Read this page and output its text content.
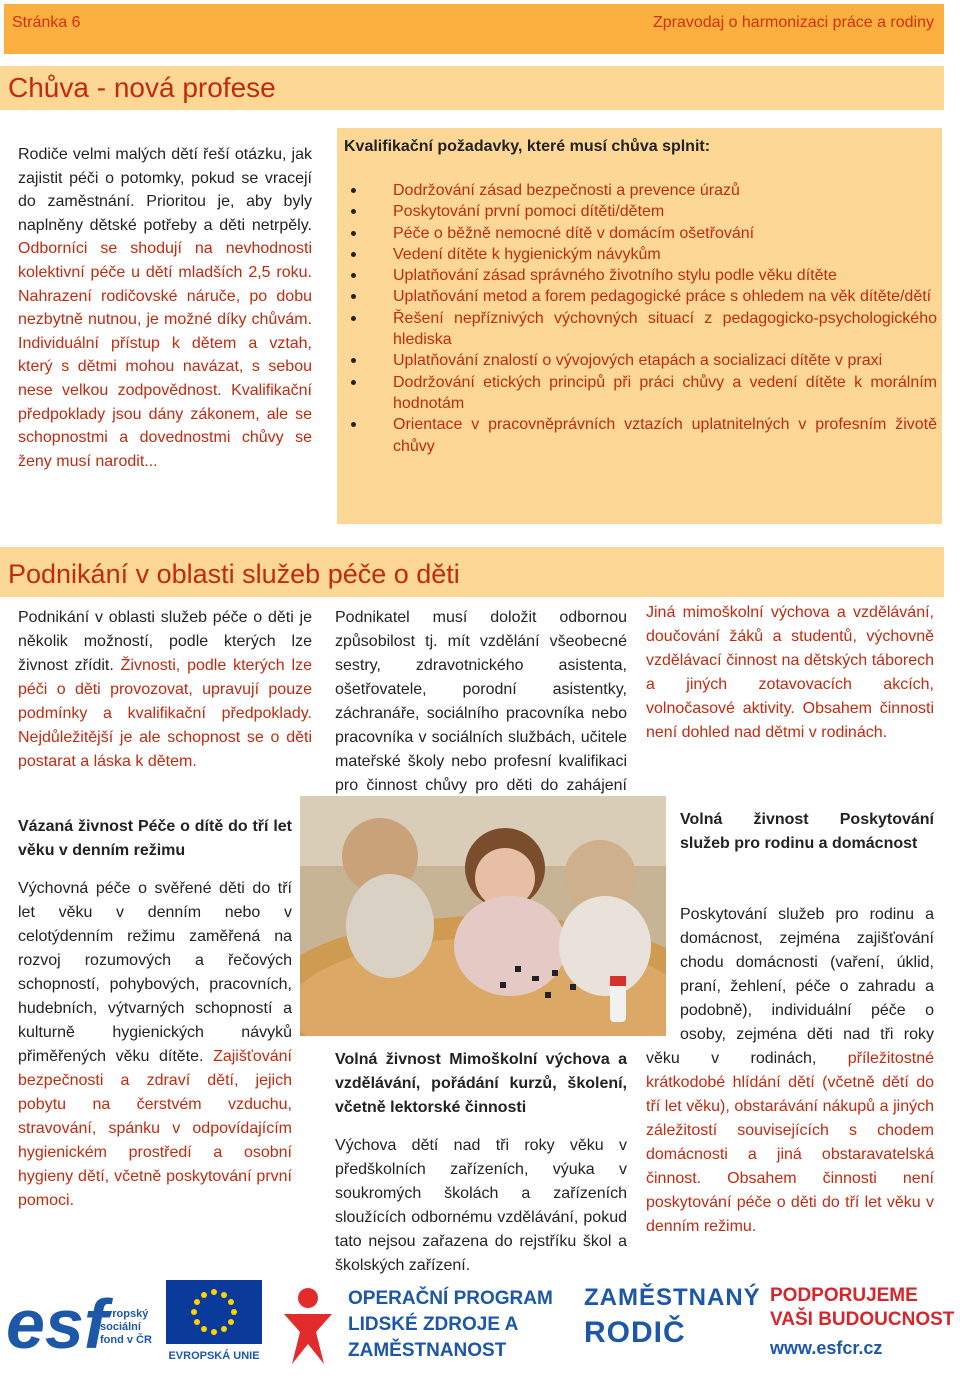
Stránka 6	Zpravodaj o harmonizaci práce a rodiny
Chůva - nová profese

Rodiče velmi malých dětí řeší otázku, jak zajistit péči o potomky, pokud se vracejí do zaměstnání. Prioritou je, aby byly naplněny dětské potřeby a děti netrpěly. Odborníci se shodují na nevhodnosti kolektivní péče u dětí mladších 2,5 roku. Nahrazení rodičovské náruče, po dobu nezbytně nutnou, je možné díky chůvám. Individuální přístup k dětem a vztah, který s dětmi mohou navázat, s sebou nese velkou zodpovědnost. Kvalifikační předpoklady jsou dány zákonem, ale se schopnostmi a dovednostmi chůvy se ženy musí narodit...

Kvalifikační požadavky, které musí chůva splnit:
Dodržování zásad bezpečnosti a prevence úrazů
Poskytování první pomoci dítěti/dětem
Péče o běžně nemocné dítě v domácím ošetřování
Vedení dítěte k hygienickým návykům
Uplatňování zásad správného životního stylu podle věku dítěte
Uplatňování metod a forem pedagogické práce s ohledem na věk dítěte/dětí
Řešení nepříznivých výchovných situací z pedagogicko-psychologického hlediska
Uplatňování znalostí o vývojových etapách a socializaci dítěte v praxi
Dodržování etických principů při práci chůvy a vedení dítěte k morálním hodnotám
Orientace v pracovněprávních vztazích uplatnitelných v profesním životě chůvy
Podnikání v oblasti služeb péče o děti

Podnikání v oblasti služeb péče o děti je několik možností, podle kterých lze živnost zřídit. Živnosti, podle kterých lze péči o děti provozovat, upravují pouze podmínky a kvalifikační předpoklady. Nejdůležitější je ale schopnost se o děti postarat a láska k dětem.

Vázaná živnost Péče o dítě do tří let věku v denním režimu

Výchovná péče o svěřené děti do tří let věku v denním nebo v celotýdenním režimu zaměřená na rozvoj rozumových a řečových schopností, pohybových, pracovních, hudebních, výtvarných schopností a kulturně hygienických návyků přiměřených věku dítěte. Zajišťování bezpečnosti a zdraví dětí, jejich pobytu na čerstvém vzduchu, stravování, spánku v odpovídajícím hygienickém prostředí a osobní hygieny dětí, včetně poskytování první pomoci.

Podnikatel musí doložit odbornou způsobilost tj. mít vzdělání všeobecné sestry, zdravotnického asistenta, ošetřovatele, porodní asistentky, záchranáře, sociálního pracovníka nebo pracovníka v sociálních službách, učitele mateřské školy nebo profesní kvalifikaci pro činnost chůvy pro děti do zahájení

Volná živnost Mimoškolní výchova a vzdělávání, pořádání kurzů, školení, včetně lektorské činnosti

Výchova dětí nad tři roky věku v předškolních zařízeních, výuka v soukromých školách a zařízeních sloužících odbornému vzdělávání, pokud tato nejsou zařazena do rejstříku škol a školských zařízení.

Jiná mimoškolní výchova a vzdělávání, doučování žáků a studentů, výchovně vzdělávací činnost na dětských táborech a jiných zotavovacích akcích, volnočasové aktivity. Obsahem činnosti není dohled nad dětmi v rodinách.

Volná živnost Poskytování služeb pro rodinu a domácnost

Poskytování služeb pro rodinu a domácnost, zejména zajišťování chodu domácnosti (vaření, úklid, praní, žehlení, péče o zahradu a podobně), individuální péče o osoby, zejména děti nad tři roky věku v rodinách, příležitostné krátkodobé hlídání dětí (včetně dětí do tří let věku), obstarávání nákupů a jiných záležitostí souvisejících s chodem domácnosti a jiná obstaravatelská činnost. Obsahem činnosti není poskytování péče o děti do tří let věku v denním režimu.

esf
evropský sociální fond v ČR
EVROPSKÁ UNIE
OPERAČNÍ PROGRAM LIDSKÉ ZDROJE A ZAMĚSTNANOST
ZAMĚSTNANÝ
RODIČ
PODPORUJEME VAŠI BUDOUCNOST
www.esfcr.cz
